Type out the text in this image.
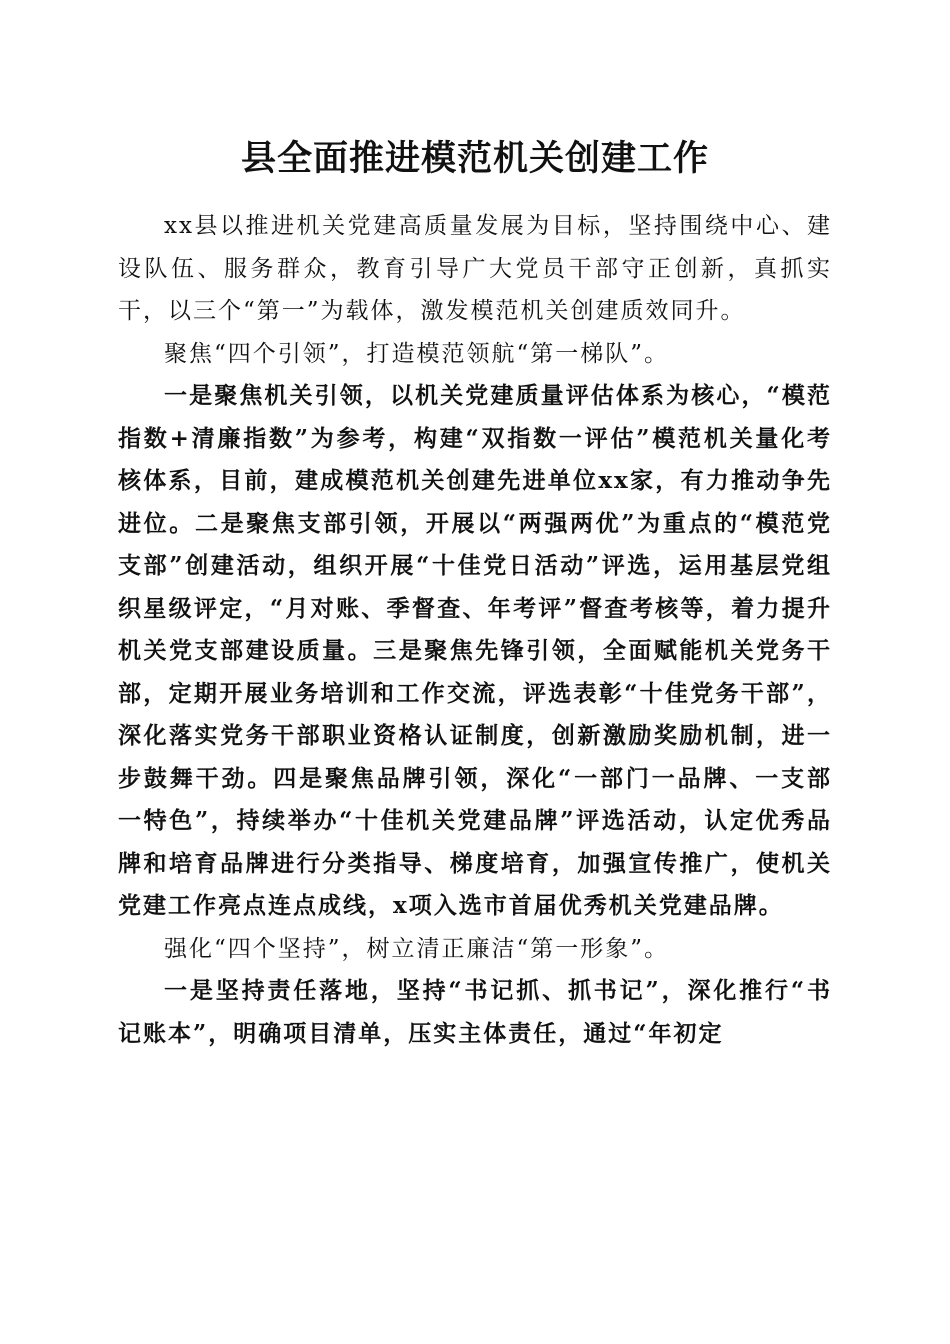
县全面推进模范机关创建工作

xx县以推进机关党建高质量发展为目标，坚持围绕中心、建设队伍、服务群众，教育引导广大党员干部守正创新，真抓实干，以三个“第一”为载体，激发模范机关创建质效同升。

聚焦“四个引领”，打造模范领航“第一梯队”。

一是聚焦机关引领，以机关党建质量评估体系为核心，“模范指数+清廉指数”为参考，构建“双指数一评估”模范机关量化考核体系，目前，建成模范机关创建先进单位xx家，有力推动争先进位。二是聚焦支部引领，开展以“两强两优”为重点的“模范党支部”创建活动，组织开展“十佳党日活动”评选，运用基层党组织星级评定，“月对账、季督查、年考评”督查考核等，着力提升机关党支部建设质量。三是聚焦先锋引领，全面赋能机关党务干部，定期开展业务培训和工作交流，评选表彰“十佳党务干部”，深化落实党务干部职业资格认证制度，创新激励奖励机制，进一步鼓舞干劲。四是聚焦品牌引领，深化“一部门一品牌、一支部一特色”，持续举办“十佳机关党建品牌”评选活动，认定优秀品牌和培育品牌进行分类指导、梯度培育，加强宣传推广，使机关党建工作亮点连点成线，x项入选市首届优秀机关党建品牌。

强化“四个坚持”，树立清正廉洁“第一形象”。

一是坚持责任落地，坚持“书记抓、抓书记”，深化推行“书记账本”，明确项目清单，压实主体责任，通过“年初定
